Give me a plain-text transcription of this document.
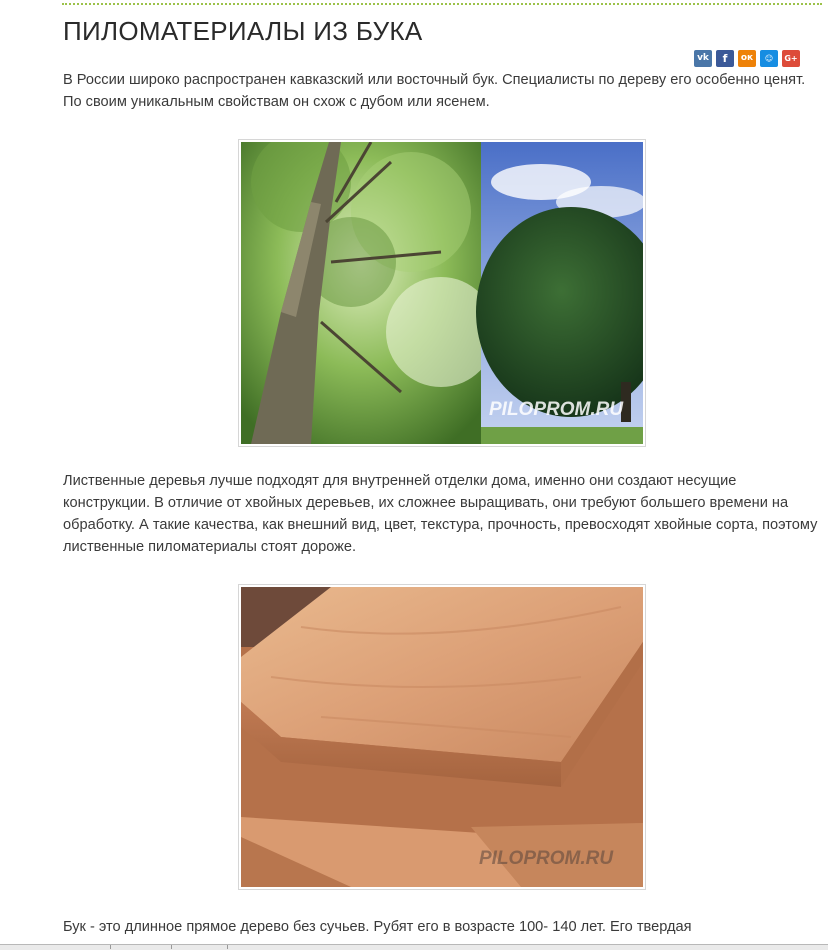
ПИЛОМАТЕРИАЛЫ ИЗ БУКА
vk f ок ☺ G+

В России широко распространен кавказский или восточный бук. Специалисты по дереву его особенно ценят. По своим уникальным свойствам он схож с дубом или ясенем.

PILOPROM.RU

Лиственные деревья лучше подходят для внутренней отделки дома, именно они создают несущие конструкции. В отличие от хвойных деревьев, их сложнее выращивать, они требуют большего времени на обработку. А такие качества, как внешний вид, цвет, текстура, прочность, превосходят хвойные сорта, поэтому лиственные пиломатериалы стоят дороже.

PILOPROM.RU

Бук - это длинное прямое дерево без сучьев. Рубят его в возрасте 100- 140 лет. Его твердая
